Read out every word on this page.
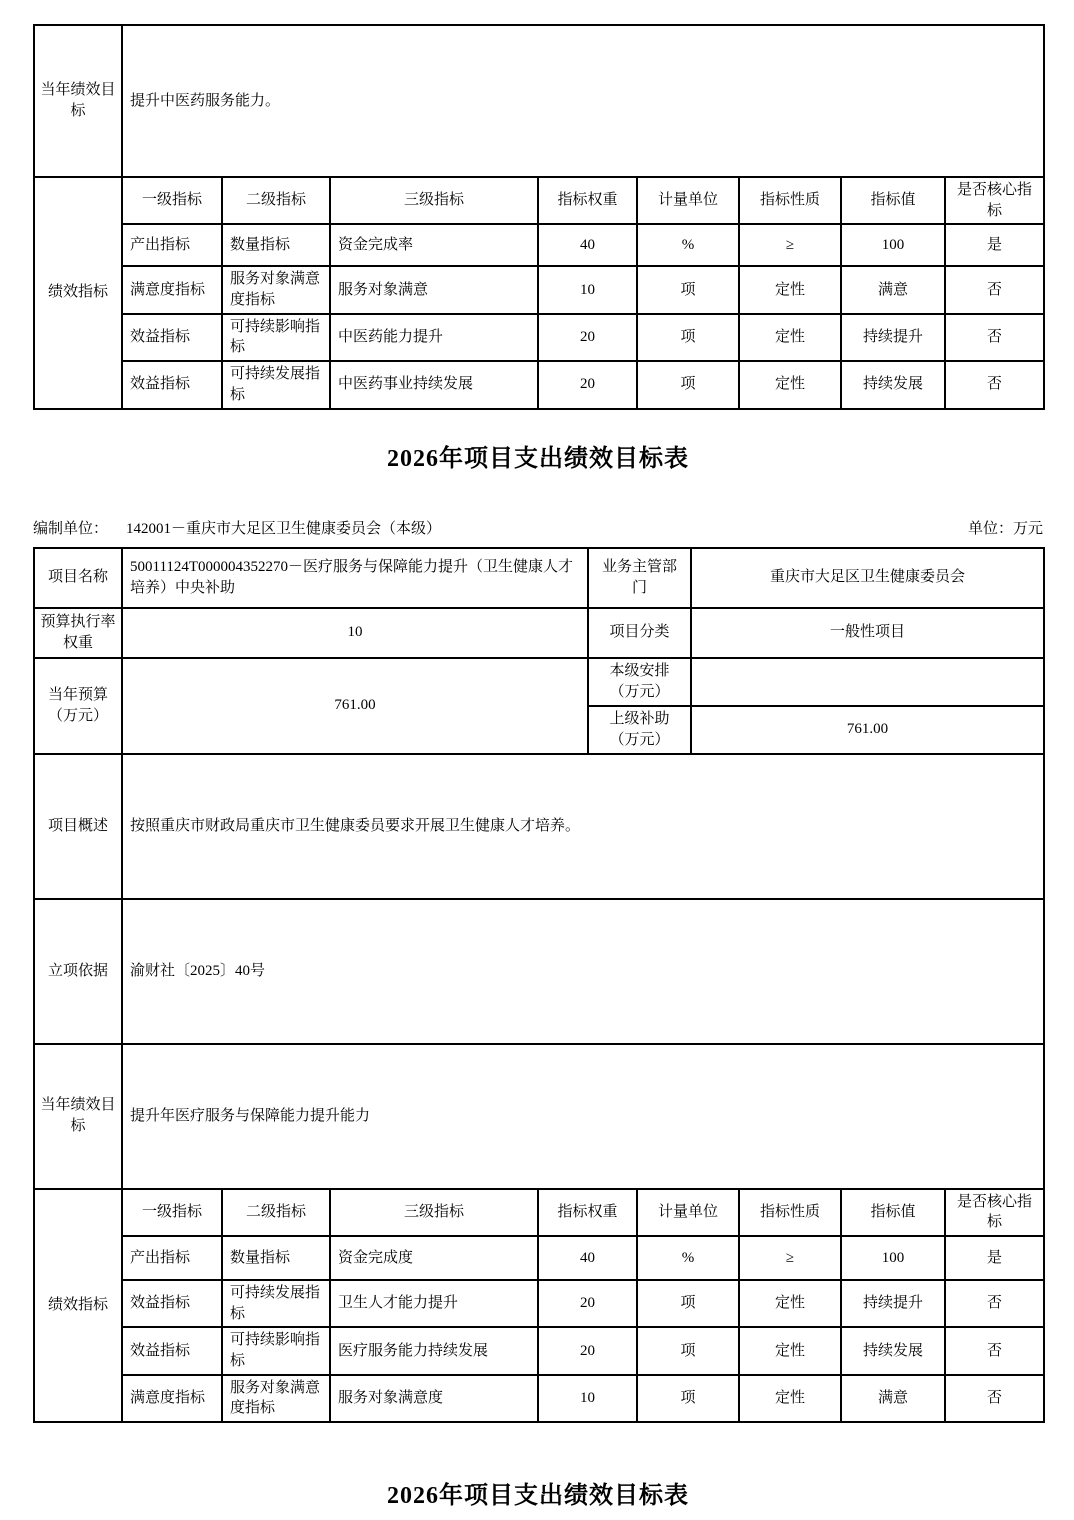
当年绩效目标	提升中医药服务能力。							
绩效指标	一级指标	二级指标	三级指标	指标权重	计量单位	指标性质	指标值	是否核心指标
	产出指标	数量指标	资金完成率	40	%	≥	100	是
	满意度指标	服务对象满意度指标	服务对象满意	10	项	定性	满意	否
	效益指标	可持续影响指标	中医药能力提升	20	项	定性	持续提升	否
	效益指标	可持续发展指标	中医药事业持续发展	20	项	定性	持续发展	否
2026年项目支出绩效目标表
编制单位： 142001－重庆市大足区卫生健康委员会（本级）	单位：万元
项目名称	50011124T000004352270－医疗服务与保障能力提升（卫生健康人才培养）中央补助	业务主管部门	重庆市大足区卫生健康委员会
预算执行率权重	10	项目分类	一般性项目
当年预算（万元）	761.00	本级安排（万元）	
		上级补助（万元）	761.00
项目概述	按照重庆市财政局重庆市卫生健康委员要求开展卫生健康人才培养。		
立项依据	渝财社〔2025〕40号		
当年绩效目标	提升年医疗服务与保障能力提升能力		
绩效指标	一级指标	二级指标	三级指标	指标权重	计量单位	指标性质	指标值	是否核心指标
	产出指标	数量指标	资金完成度	40	%	≥	100	是
	效益指标	可持续发展指标	卫生人才能力提升	20	项	定性	持续提升	否
	效益指标	可持续影响指标	医疗服务能力持续发展	20	项	定性	持续发展	否
	满意度指标	服务对象满意度指标	服务对象满意度	10	项	定性	满意	否
2026年项目支出绩效目标表
